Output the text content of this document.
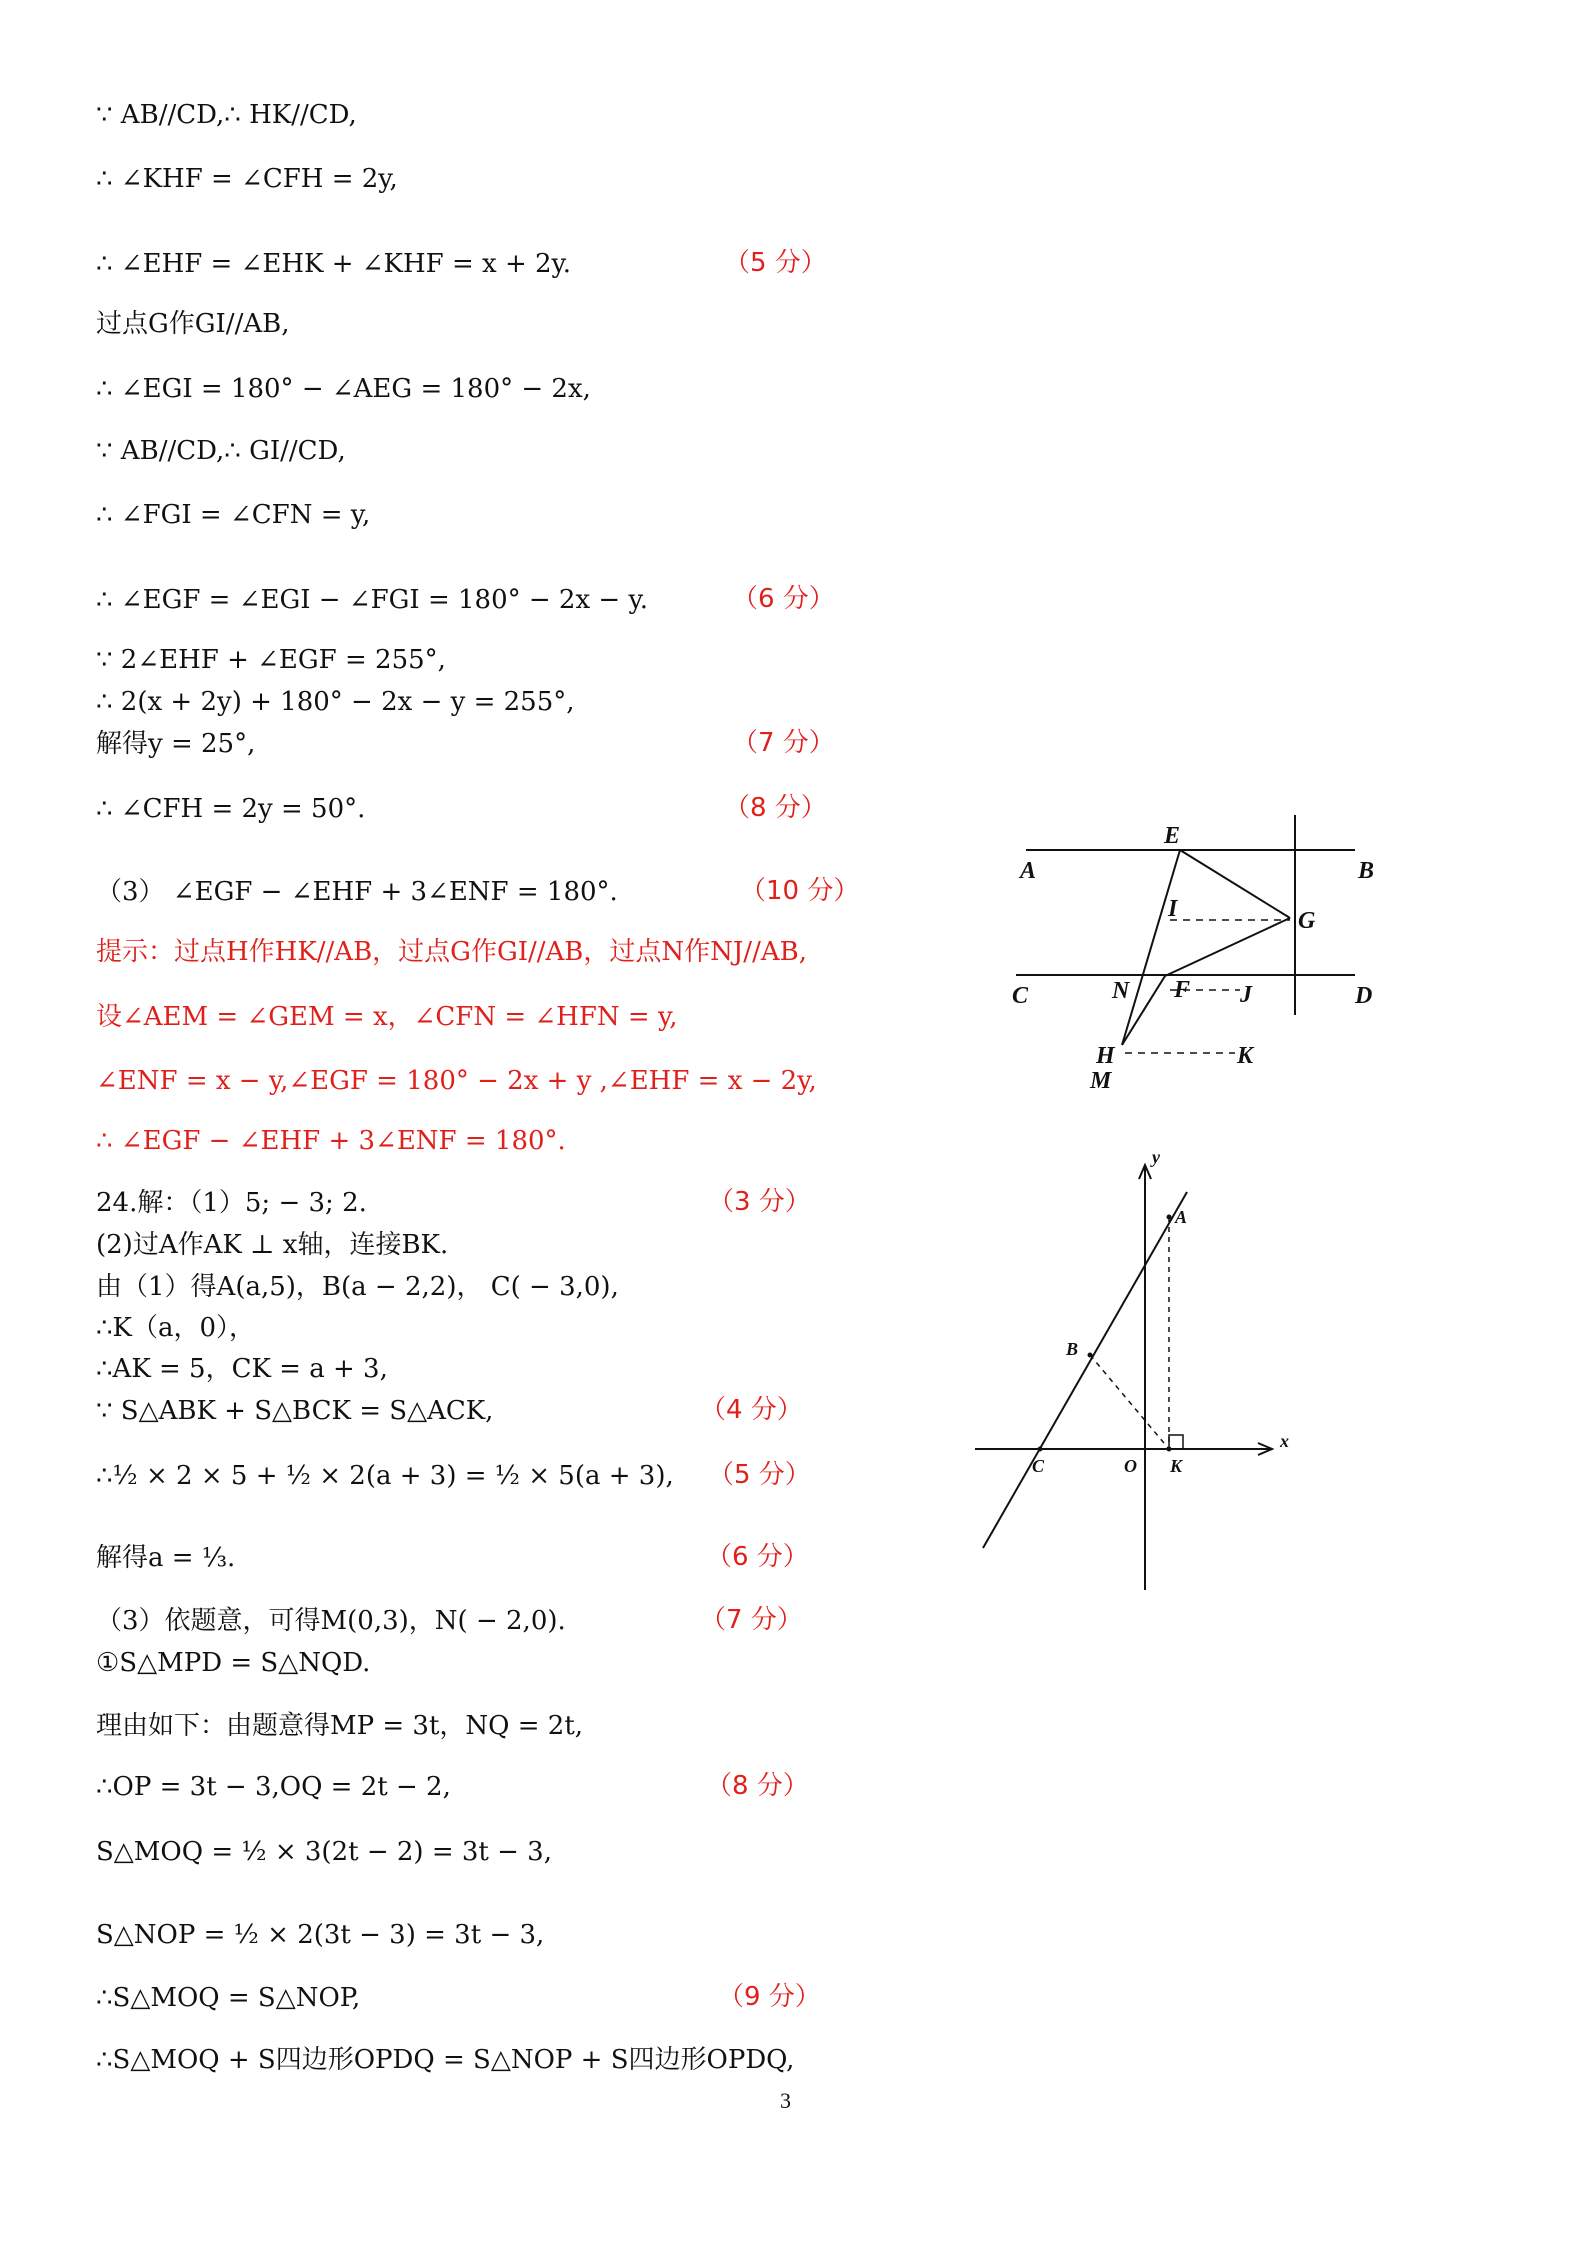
∵ AB//CD,∴ HK//CD,
∴ ∠KHF = ∠CFH = 2y,
∴ ∠EHF = ∠EHK + ∠KHF = x + 2y.
过点G作GI//AB,
∴ ∠EGI = 180° − ∠AEG = 180° − 2x,
∵ AB//CD,∴ GI//CD,
∴ ∠FGI = ∠CFN = y,
∴ ∠EGF = ∠EGI − ∠FGI = 180° − 2x − y.
∵ 2∠EHF + ∠EGF = 255°,
∴ 2(x + 2y) + 180° − 2x − y = 255°,
解得y = 25°,
∴ ∠CFH = 2y = 50°.
（3） ∠EGF − ∠EHF + 3∠ENF = 180°.
提示：过点H作HK//AB，过点G作GI//AB，过点N作NJ//AB,
设∠AEM = ∠GEM = x，∠CFN = ∠HFN = y,
∠ENF = x − y,∠EGF = 180° − 2x + y ,∠EHF = x − 2y,
∴ ∠EGF − ∠EHF + 3∠ENF = 180°.
24.解：（1）5; − 3; 2.
(2)过A作AK ⊥ x轴，连接BK.
由（1）得A(a,5)，B(a − 2,2)， C( − 3,0),
∴K（a，0），
∴AK = 5，CK = a + 3,
∵ S△ABK + S△BCK = S△ACK,
∴½ × 2 × 5 + ½ × 2(a + 3) = ½ × 5(a + 3),
解得a = ⅓.
（3）依题意，可得M(0,3)，N( − 2,0).
①S△MPD = S△NQD.
理由如下：由题意得MP = 3t，NQ = 2t,
∴OP = 3t − 3,OQ = 2t − 2,
S△MOQ = ½ × 3(2t − 2) = 3t − 3,
S△NOP = ½ × 2(3t − 3) = 3t − 3,
∴S△MOQ = S△NOP,
∴S△MOQ + S四边形OPDQ = S△NOP + S四边形OPDQ,
（5 分）
（6 分）
（7 分）
（8 分）
（10 分）
（3 分）
（4 分）
（5 分）
（6 分）
（7 分）
（8 分）
（9 分）
A	B
C	D
E
F
G
H
I
J
K
M
N
x
y
A
B
C	O K
3
